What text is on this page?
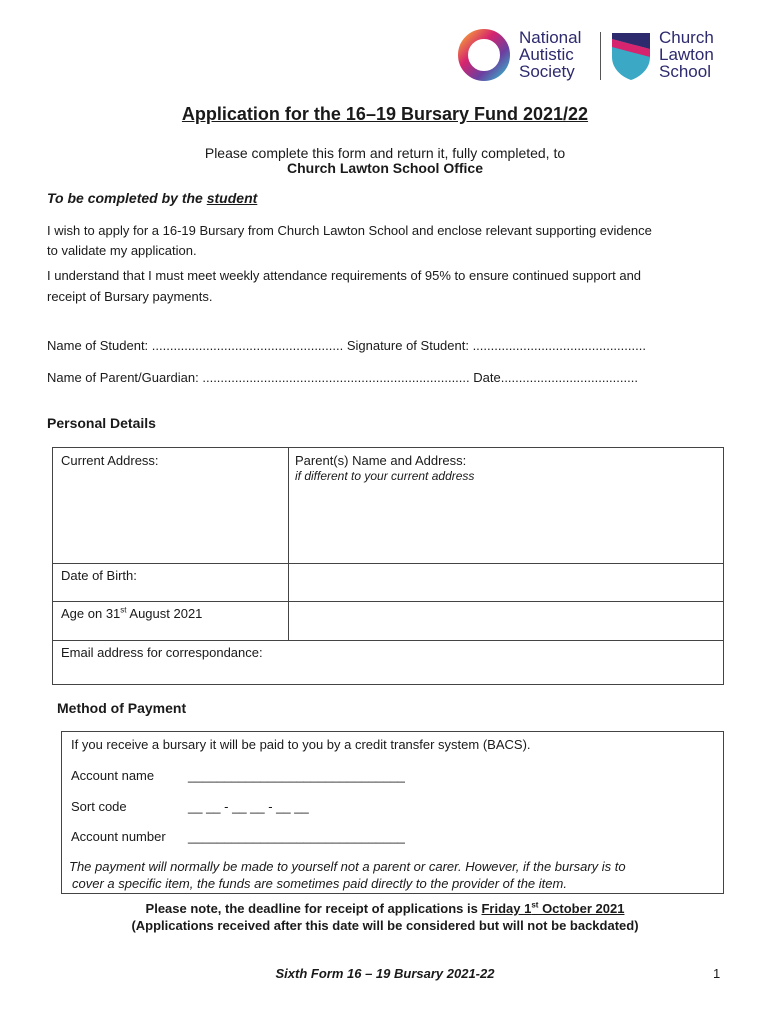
National
Autistic
Society
Church
Lawton
School
Application for the 16–19 Bursary Fund 2021/22
Please complete this form and return it, fully completed, to
Church Lawton School Office
To be completed by the student
I wish to apply for a 16-19 Bursary from Church Lawton School and enclose relevant supporting evidence
to validate my application.
I understand that I must meet weekly attendance requirements of 95% to ensure continued support and
receipt of Bursary payments.
Name of Student: ..................................................... Signature of Student: ................................................
Name of Parent/Guardian: .......................................................................... Date......................................
Personal Details
Current Address:	Parent(s) Name and Address:
if different to your current address
Date of Birth:
Age on 31st August 2021
Email address for correspondance:
Method of Payment
If you receive a bursary it will be paid to you by a credit transfer system (BACS).
Account name	______________________________
Sort code	__ __ - __ __ - __ __
Account number ______________________________
The payment will normally be made to yourself not a parent or carer. However, if the bursary is to
cover a specific item, the funds are sometimes paid directly to the provider of the item.
Please note, the deadline for receipt of applications is Friday 1st October 2021
(Applications received after this date will be considered but will not be backdated)
Sixth Form 16 – 19 Bursary 2021-22	1
